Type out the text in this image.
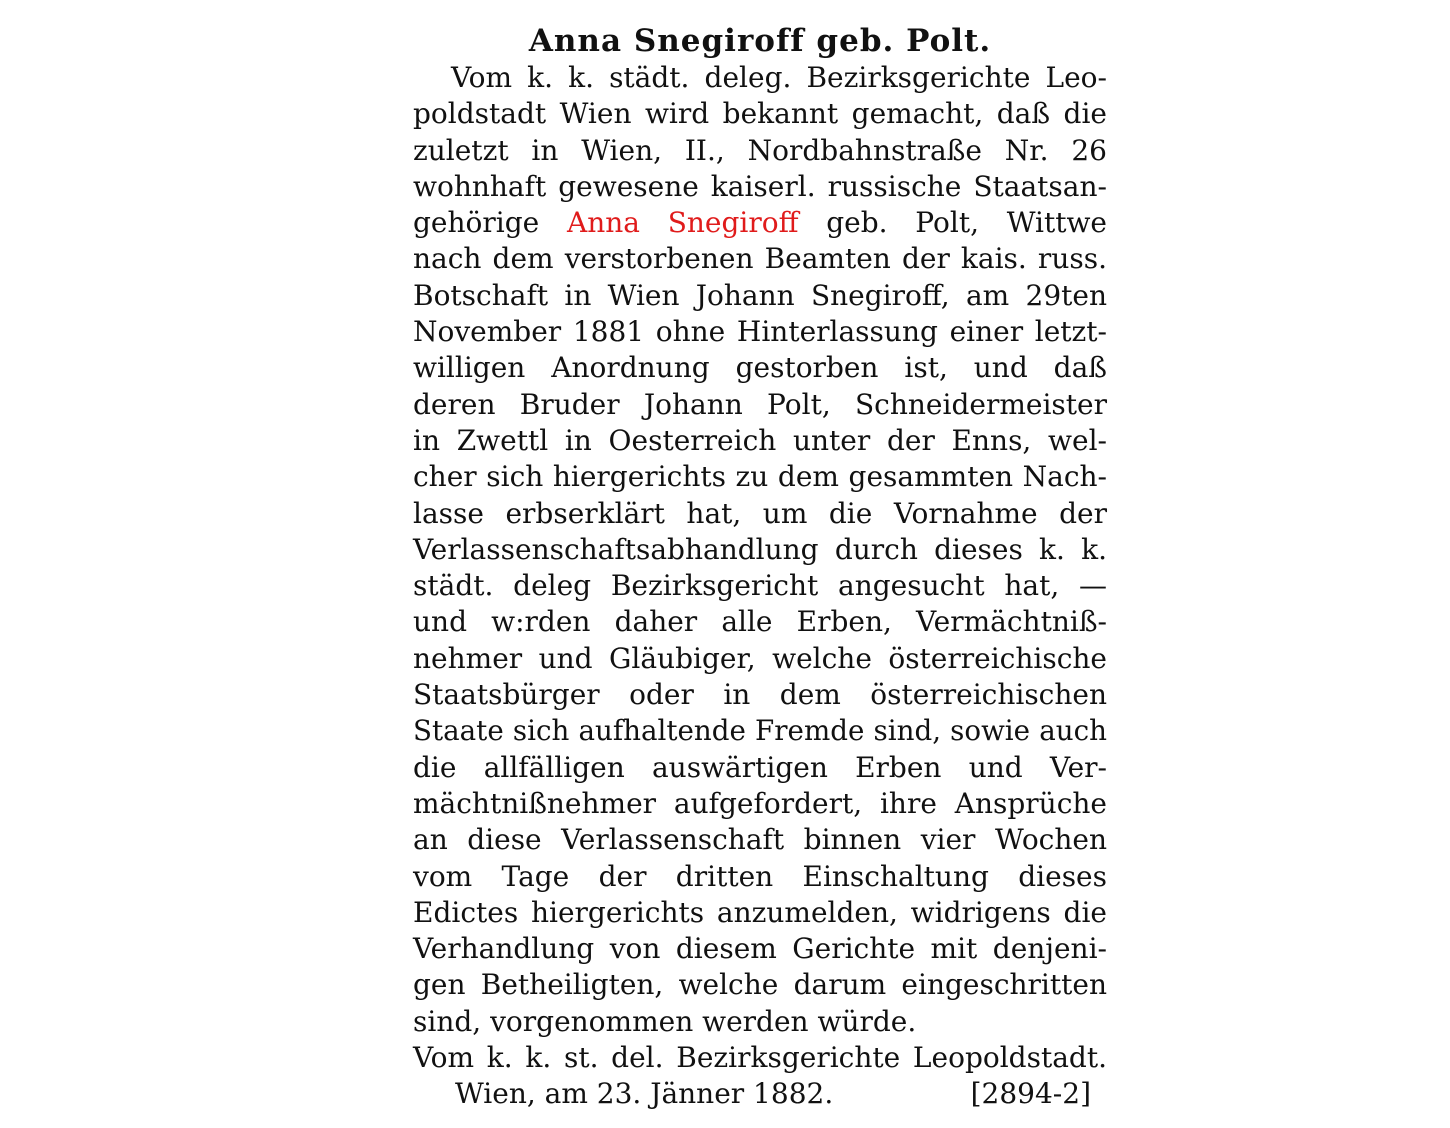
Anna Snegiroff geb. Polt.
Vom k. k. städt. deleg. Bezirksgerichte Leo-
poldstadt Wien wird bekannt gemacht, daß die
zuletzt in Wien, II., Nordbahnstraße Nr. 26
wohnhaft gewesene kaiserl. russische Staatsan-
gehörige Anna Snegiroff geb. Polt, Wittwe
nach dem verstorbenen Beamten der kais. russ.
Botschaft in Wien Johann Snegiroff, am 29ten
November 1881 ohne Hinterlassung einer letzt-
willigen Anordnung gestorben ist, und daß
deren Bruder Johann Polt, Schneidermeister
in Zwettl in Oesterreich unter der Enns, wel-
cher sich hiergerichts zu dem gesammten Nach-
lasse erbserklärt hat, um die Vornahme der
Verlassenschaftsabhandlung durch dieses k. k.
städt. deleg Bezirksgericht angesucht hat, —
und w:rden daher alle Erben, Vermächtniß-
nehmer und Gläubiger, welche österreichische
Staatsbürger oder in dem österreichischen
Staate sich aufhaltende Fremde sind, sowie auch
die allfälligen auswärtigen Erben und Ver-
mächtnißnehmer aufgefordert, ihre Ansprüche
an diese Verlassenschaft binnen vier Wochen
vom Tage der dritten Einschaltung dieses
Edictes hiergerichts anzumelden, widrigens die
Verhandlung von diesem Gerichte mit denjeni-
gen Betheiligten, welche darum eingeschritten
sind, vorgenommen werden würde.
Vom k. k. st. del. Bezirksgerichte Leopoldstadt.
Wien, am 23. Jänner 1882.	[2894-2]
